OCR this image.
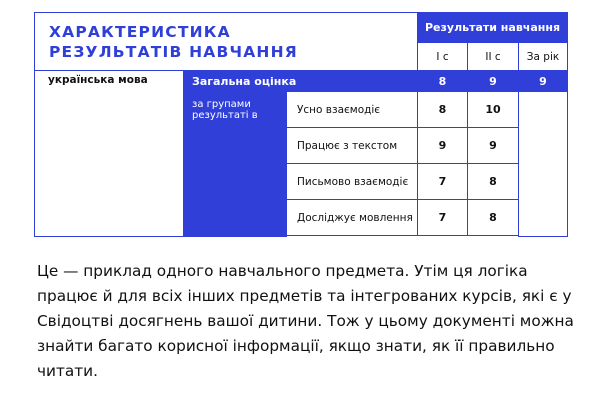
ХАРАКТЕРИСТИКА
РЕЗУЛЬТАТІВ НАВЧАННЯ			Результати навчання		
			I с	II с	За рік
українська мова	Загальна оцінка		8	9	9
	за групами результаті в	Усно взаємодіє	8	10	
		Працює з текстом	9	9	
		Письмово взаємодіє	7	8	
		Досліджує мовлення	7	8	

Це — приклад одного навчального предмета. Утім ця логіка працює й для всіх інших предметів та інтегрованих курсів, які є у Свідоцтві досягнень вашої дитини. Тож у цьому документі можна знайти багато корисної інформації, якщо знати, як її правильно читати.
